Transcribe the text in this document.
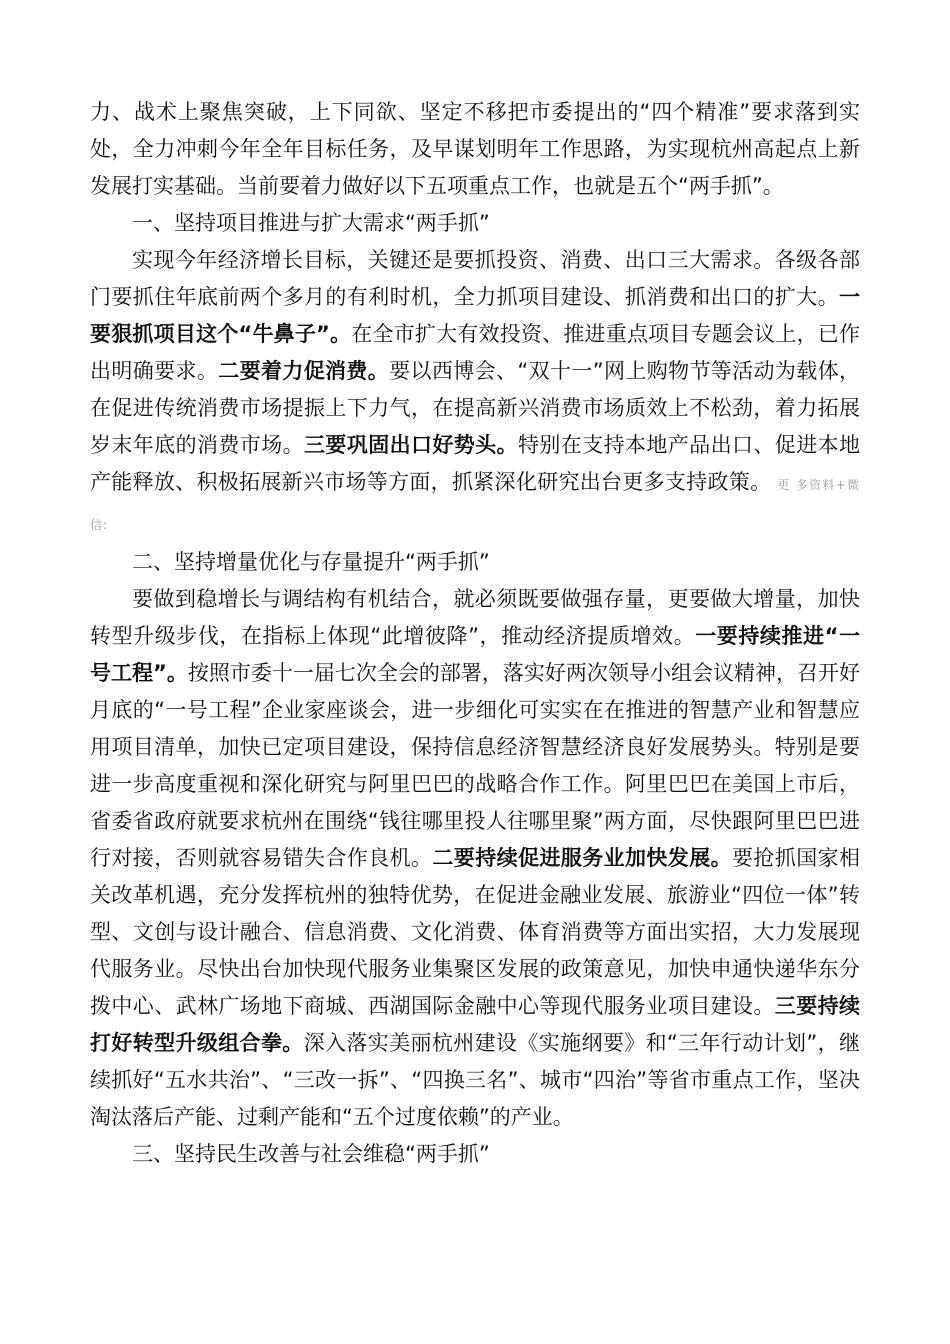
力、战术上聚焦突破，上下同欲、坚定不移把市委提出的“四个精准”要求落到实处，全力冲刺今年全年目标任务，及早谋划明年工作思路，为实现杭州高起点上新发展打实基础。当前要着力做好以下五项重点工作，也就是五个“两手抓”。

一、坚持项目推进与扩大需求“两手抓”

实现今年经济增长目标，关键还是要抓投资、消费、出口三大需求。各级各部门要抓住年底前两个多月的有利时机，全力抓项目建设、抓消费和出口的扩大。一要狠抓项目这个“牛鼻子”。在全市扩大有效投资、推进重点项目专题会议上，已作出明确要求。二要着力促消费。要以西博会、“双十一”网上购物节等活动为载体，在促进传统消费市场提振上下力气，在提高新兴消费市场质效上不松劲，着力拓展岁末年底的消费市场。三要巩固出口好势头。特别在支持本地产品出口、促进本地产能释放、积极拓展新兴市场等方面，抓紧深化研究出台更多支持政策。 更 多资料+微信:

二、坚持增量优化与存量提升“两手抓”

要做到稳增长与调结构有机结合，就必须既要做强存量，更要做大增量，加快转型升级步伐，在指标上体现“此增彼降”，推动经济提质增效。一要持续推进“一号工程”。按照市委十一届七次全会的部署，落实好两次领导小组会议精神，召开好月底的“一号工程”企业家座谈会，进一步细化可实实在在推进的智慧产业和智慧应用项目清单，加快已定项目建设，保持信息经济智慧经济良好发展势头。特别是要进一步高度重视和深化研究与阿里巴巴的战略合作工作。阿里巴巴在美国上市后，省委省政府就要求杭州在围绕“钱往哪里投人往哪里聚”两方面，尽快跟阿里巴巴进行对接，否则就容易错失合作良机。二要持续促进服务业加快发展。要抢抓国家相关改革机遇，充分发挥杭州的独特优势，在促进金融业发展、旅游业“四位一体”转型、文创与设计融合、信息消费、文化消费、体育消费等方面出实招，大力发展现代服务业。尽快出台加快现代服务业集聚区发展的政策意见，加快申通快递华东分拨中心、武林广场地下商城、西湖国际金融中心等现代服务业项目建设。三要持续打好转型升级组合拳。深入落实美丽杭州建设《实施纲要》和“三年行动计划”，继续抓好“五水共治”、“三改一拆”、“四换三名”、城市“四治”等省市重点工作，坚决淘汰落后产能、过剩产能和“五个过度依赖”的产业。

三、坚持民生改善与社会维稳“两手抓”
